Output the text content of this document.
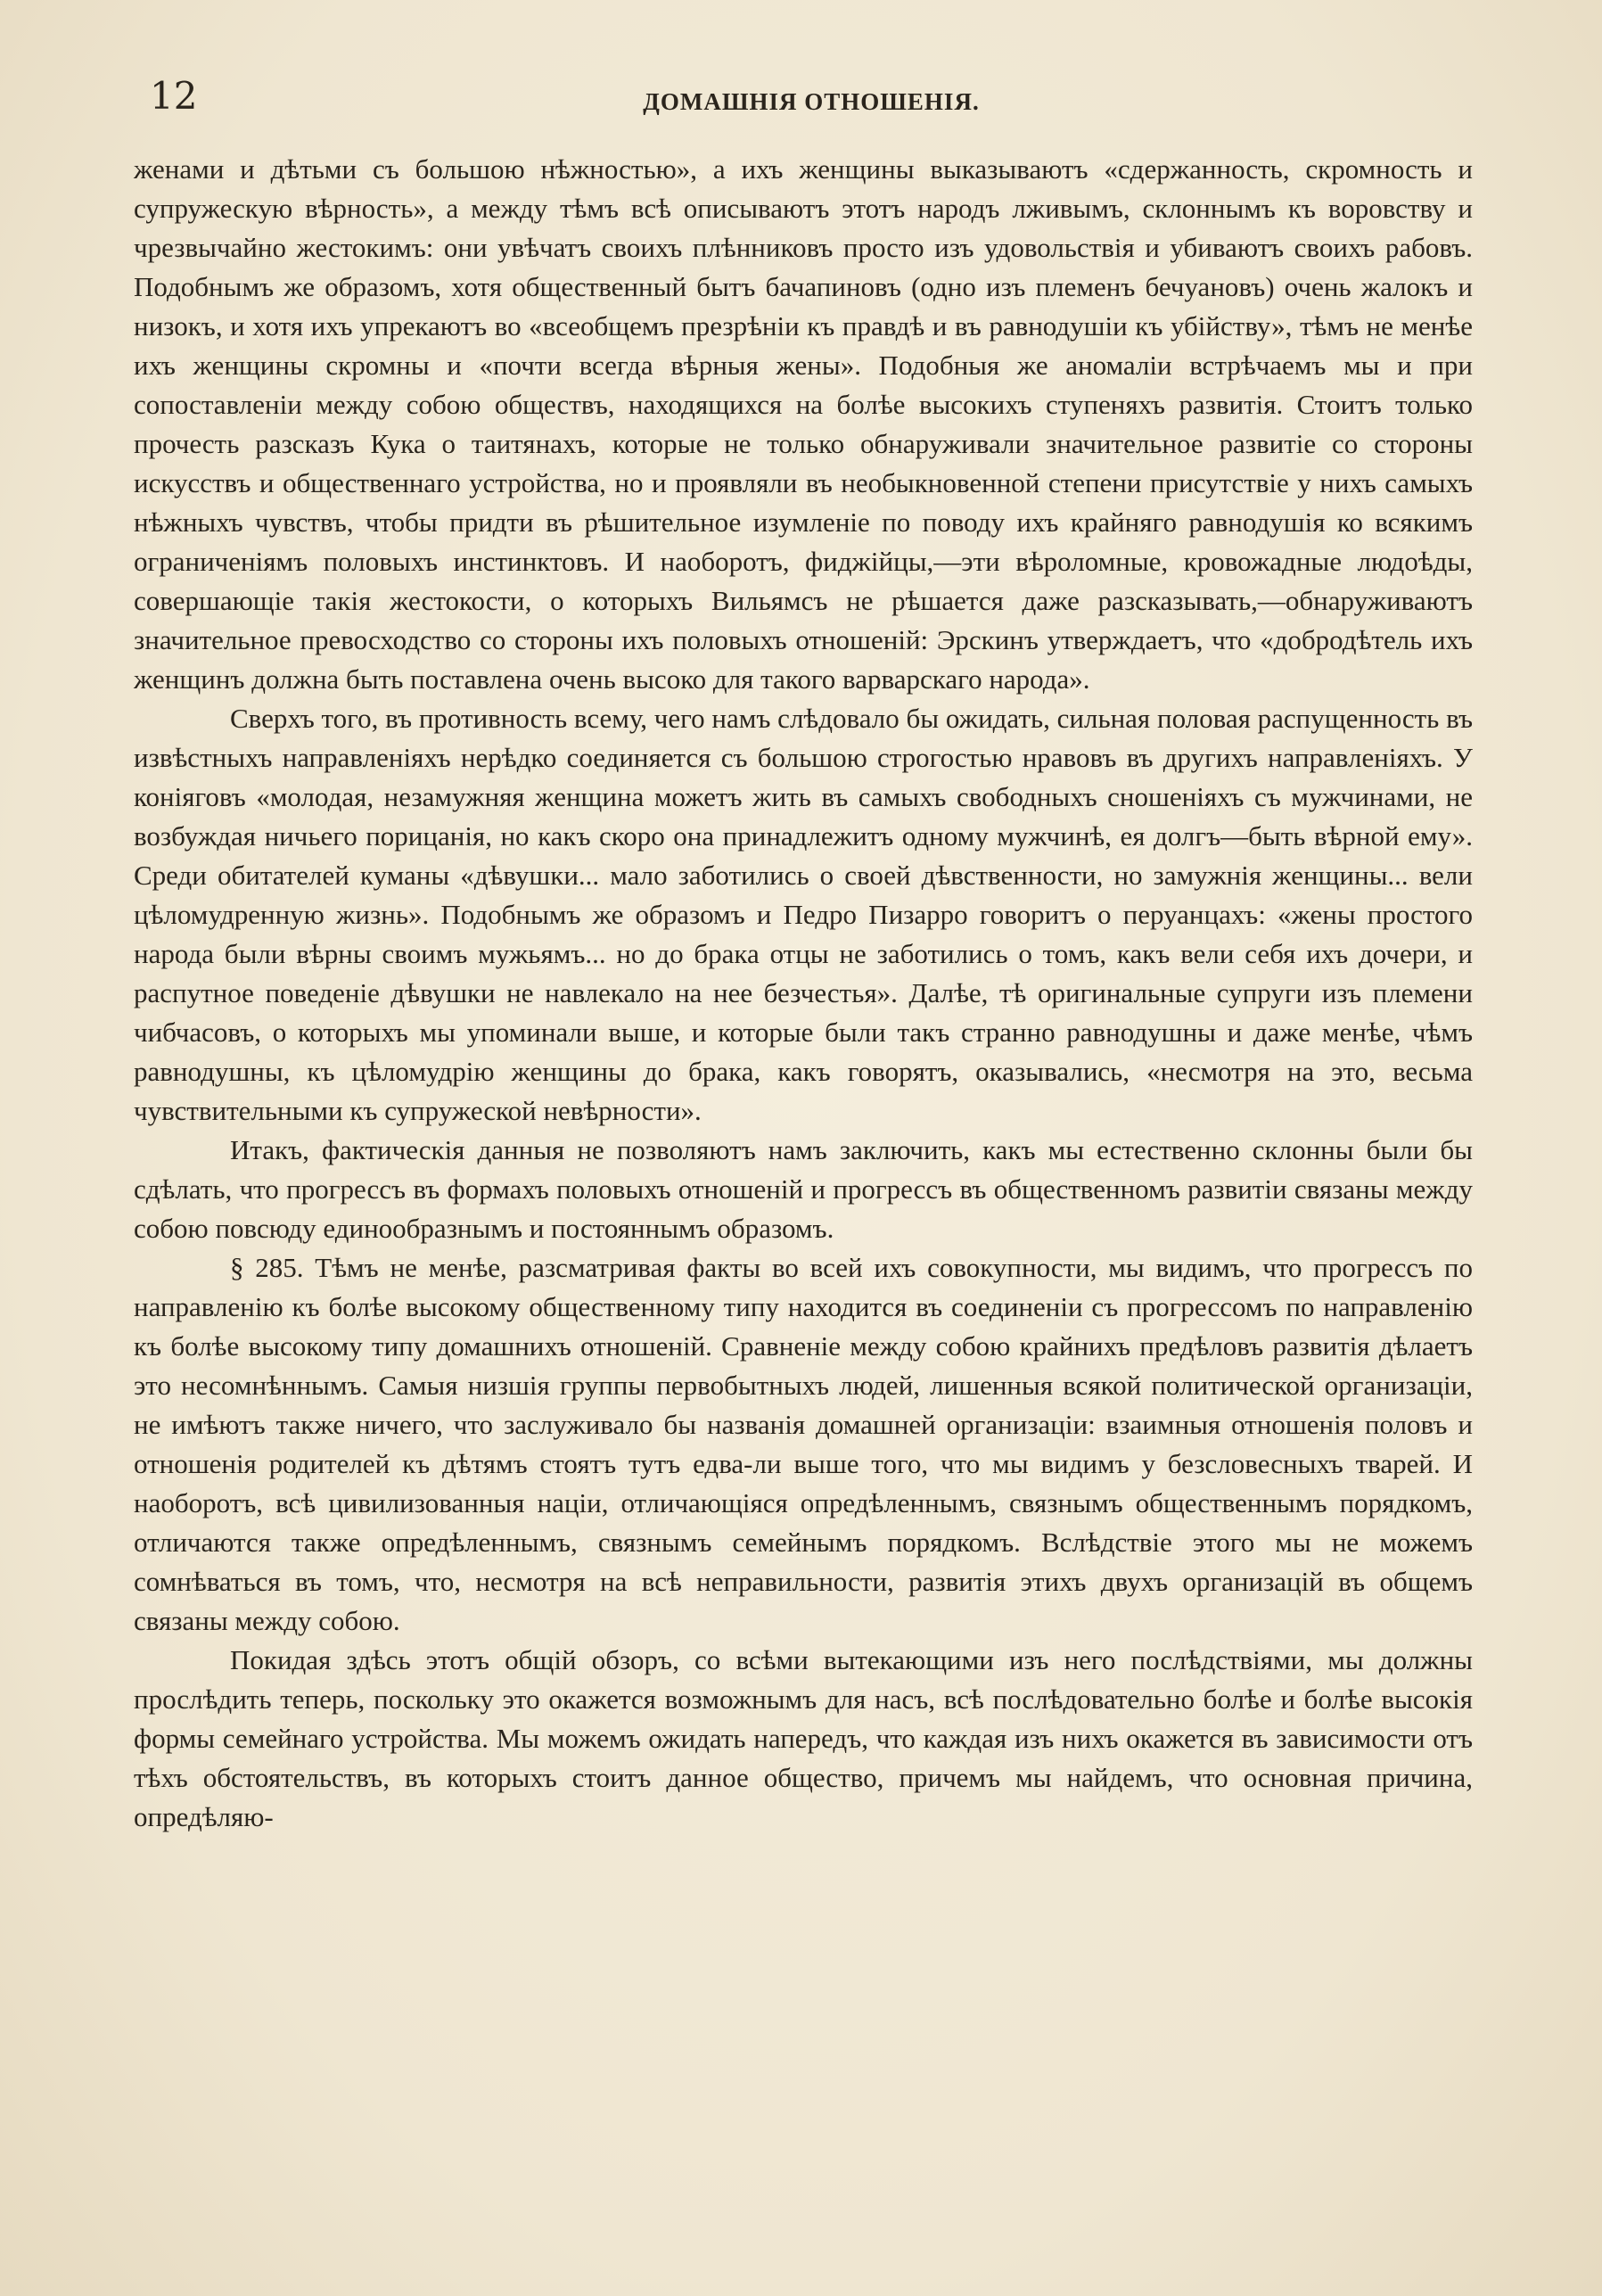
12	ДОМАШНІЯ ОТНОШЕНІЯ.

женами и дѣтьми съ большою нѣжностью», а ихъ женщины выказываютъ «сдержанность, скромность и супружескую вѣрность», а между тѣмъ всѣ описываютъ этотъ народъ лживымъ, склоннымъ къ воровству и чрезвычайно жестокимъ: они увѣчатъ своихъ плѣнниковъ просто изъ удовольствія и убиваютъ своихъ рабовъ. Подобнымъ же образомъ, хотя общественный бытъ бачапиновъ (одно изъ племенъ бечуановъ) очень жалокъ и низокъ, и хотя ихъ упрекаютъ во «всеобщемъ презрѣніи къ правдѣ и въ равнодушіи къ убійству», тѣмъ не менѣе ихъ женщины скромны и «почти всегда вѣрныя жены». Подобныя же аномаліи встрѣчаемъ мы и при сопоставленіи между собою обществъ, находящихся на болѣе высокихъ ступеняхъ развитія. Стоитъ только прочесть разсказъ Кука о таитянахъ, которые не только обнаруживали значительное развитіе со стороны искусствъ и общественнаго устройства, но и проявляли въ необыкновенной степени присутствіе у нихъ самыхъ нѣжныхъ чувствъ, чтобы придти въ рѣшительное изумленіе по поводу ихъ крайняго равнодушія ко всякимъ ограниченіямъ половыхъ инстинктовъ. И наоборотъ, фиджійцы,—эти вѣроломные, кровожадные людоѣды, совершающіе такія жестокости, о которыхъ Вильямсъ не рѣшается даже разсказывать,—обнаруживаютъ значительное превосходство со стороны ихъ половыхъ отношеній: Эрскинъ утверждаетъ, что «добродѣтель ихъ женщинъ должна быть поставлена очень высоко для такого варварскаго народа».

Сверхъ того, въ противность всему, чего намъ слѣдовало бы ожидать, сильная половая распущенность въ извѣстныхъ направленіяхъ нерѣдко соединяется съ большою строгостью нравовъ въ другихъ направленіяхъ. У коніяговъ «молодая, незамужняя женщина можетъ жить въ самыхъ свободныхъ сношеніяхъ съ мужчинами, не возбуждая ничьего порицанія, но какъ скоро она принадлежитъ одному мужчинѣ, ея долгъ—быть вѣрной ему». Среди обитателей куманы «дѣвушки... мало заботились о своей дѣвственности, но замужнія женщины... вели цѣломудренную жизнь». Подобнымъ же образомъ и Педро Пизарро говоритъ о перуанцахъ: «жены простого народа были вѣрны своимъ мужьямъ... но до брака отцы не заботились о томъ, какъ вели себя ихъ дочери, и распутное поведеніе дѣвушки не навлекало на нее безчестья». Далѣе, тѣ оригинальные супруги изъ племени чибчасовъ, о которыхъ мы упоминали выше, и которые были такъ странно равнодушны и даже менѣе, чѣмъ равнодушны, къ цѣломудрію женщины до брака, какъ говорятъ, оказывались, «несмотря на это, весьма чувствительными къ супружеской невѣрности».

Итакъ, фактическія данныя не позволяютъ намъ заключить, какъ мы естественно склонны были бы сдѣлать, что прогрессъ въ формахъ половыхъ отношеній и прогрессъ въ общественномъ развитіи связаны между собою повсюду единообразнымъ и постояннымъ образомъ.

§ 285. Тѣмъ не менѣе, разсматривая факты во всей ихъ совокупности, мы видимъ, что прогрессъ по направленію къ болѣе высокому общественному типу находится въ соединеніи съ прогрессомъ по направленію къ болѣе высокому типу домашнихъ отношеній. Сравненіе между собою крайнихъ предѣловъ развитія дѣлаетъ это несомнѣннымъ. Самыя низшія группы первобытныхъ людей, лишенныя всякой политической организаціи, не имѣютъ также ничего, что заслуживало бы названія домашней организаціи: взаимныя отношенія половъ и отношенія родителей къ дѣтямъ стоятъ тутъ едва-ли выше того, что мы видимъ у безсловесныхъ тварей. И наоборотъ, всѣ цивилизованныя націи, отличающіяся опредѣленнымъ, связнымъ общественнымъ порядкомъ, отличаются также опредѣленнымъ, связнымъ семейнымъ порядкомъ. Вслѣдствіе этого мы не можемъ сомнѣваться въ томъ, что, несмотря на всѣ неправильности, развитія этихъ двухъ организацій въ общемъ связаны между собою.

Покидая здѣсь этотъ общій обзоръ, со всѣми вытекающими изъ него послѣдствіями, мы должны прослѣдить теперь, поскольку это окажется возможнымъ для насъ, всѣ послѣдовательно болѣе и болѣе высокія формы семейнаго устройства. Мы можемъ ожидать напередъ, что каждая изъ нихъ окажется въ зависимости отъ тѣхъ обстоятельствъ, въ которыхъ стоитъ данное общество, причемъ мы найдемъ, что основная причина, опредѣляю-
